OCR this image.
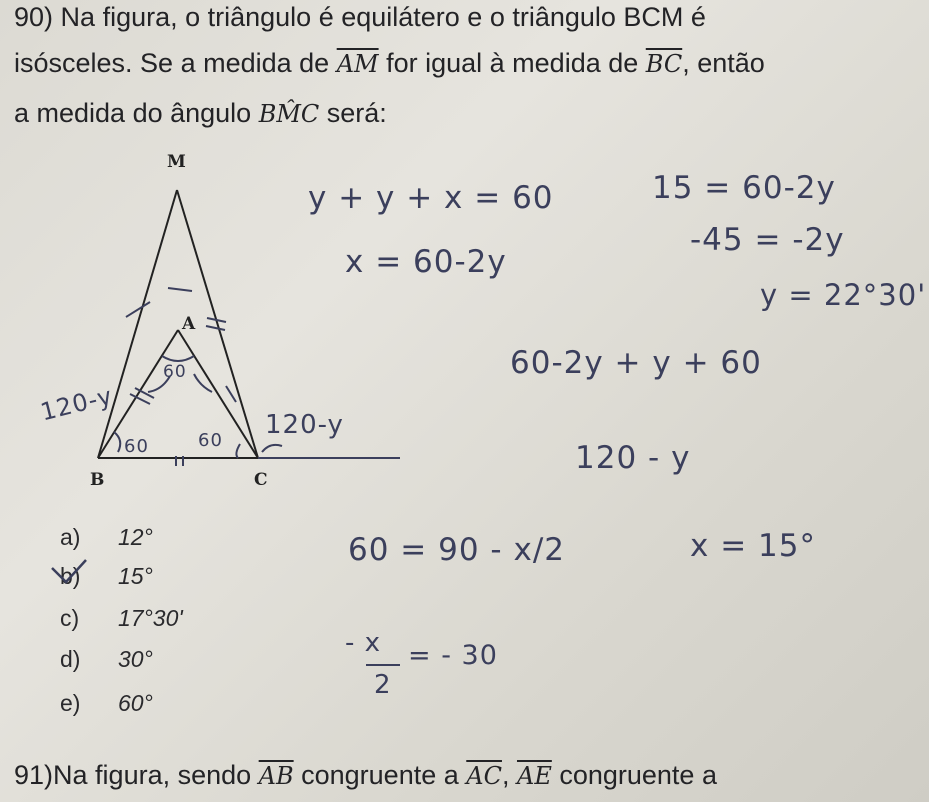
90) Na figura, o triângulo é equilátero e o triângulo BCM é
isósceles. Se a medida de $\overline{AM}$ for igual à medida de $\overline{BC}$, então
a medida do ângulo BM̂C será:
M
A
B	C
60
60	60
120-y	120-y
y + y + x = 60
x = 60-2y
15 = 60-2y
-45 = -2y
y = 22°30'
60-2y + y + 60
120 - y
60 = 90 - x/2	x = 15°
- x
2
= - 30
a) 12°
b) 15°
c) 17°30'
d) 30°
e) 60°
91)Na figura, sendo $\overline{AB}$ congruente a $\overline{AC}$, $\overline{AE}$ congruente a
